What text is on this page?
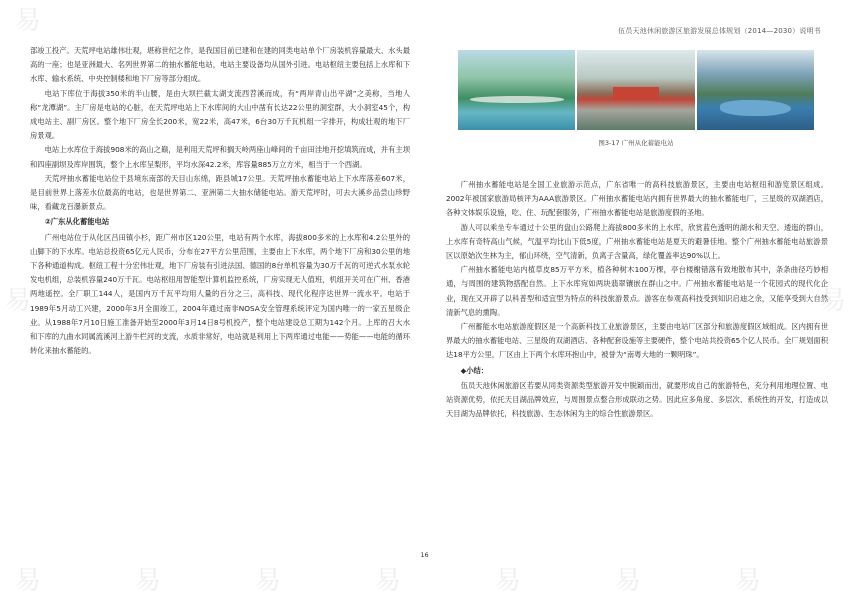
伍员天池休闲旅游区旅游发展总体规划（2014—2030）说明书

部竣工投产。天荒坪电站雄伟壮观，堪称世纪之作，是我国目前已建和在建的同类电站单个厂房装机容量最大、水头最高的一座；也是亚洲最大、名列世界第二的抽水蓄能电站，电站主要设备均从国外引进。电站枢纽主要包括上水库和下水库、输水系统、中央控制楼和地下厂房等部分组成。

电站下库位于海拔350米的半山腰，是由大坝拦截太湖支流西苕溪而成，有“两岸青山出平湖”之美称，当地人称“龙潭湖”。主厂房是电站的心脏，在天荒坪电站上下水库间的大山中凿有长达22公里的洞室群，大小洞室45个，构成电站主、副厂房区。整个地下厂房全长200米，宽22米，高47米，6台30万千瓦机组一字排开，构成壮观的地下厂房景观。

电站上水库位于海拔908米的高山之巅，是利用天荒坪和搁天岭两座山峰间的千亩田洼地开挖填筑而成，并有主坝和四座副坝及库岸围筑，整个上水库呈梨形，平均水深42.2米，库容量885万立方米，相当于一个西湖。

天荒坪抽水蓄能电站位于县境东南部的天目山东绵，距县城17公里。天荒坪抽水蓄能电站上下水库落差607米，是目前世界上落差水位最高的电站，也是世界第二、亚洲第二大抽水储能电站。游天荒坪时，可去大溪乡品尝山珍野味，看藏龙百瀑新景点。

②广东从化蓄能电站

广州电站位于从化区吕田镇小杉，距广州市区120公里，电站有两个水库，海拔800多米的上水库和4.2公里外的山脚下的下水库。电站总投资65亿元人民币，分布在27平方公里范围，主要由上下水库，两个地下厂房和30公里的地下各种通道构成。枢纽工程十分宏伟壮观，地下厂房装有引进法国、德国的8台单机容量为30万千瓦的可逆式水泵水轮发电机组，总装机容量240万千瓦。电站枢纽用智能型计算机监控系统，厂房实现无人值班，机组开关可在广州、香港两地遥控。全厂职工144人，是国内万千瓦平均用人量的百分之三，高科技、现代化程序达世界一流水平。电站于1989年5月动工兴建，2000年3月全面竣工，2004年通过南非NOSA安全管理系统评定为国内唯一的一家五星级企业。从1988年7月10日施工准备开始至2000年3月14日8号机投产，整个电站建设总工期为142个月。上库的召大水和下库的九曲水同属流溪河上游牛栏河的支流，水质非常好，电站就是利用上下两库通过电能——势能——电能的循环转化来抽水蓄能的。

图3-17 广州从化蓄能电站

广州抽水蓄能电站是全国工业旅游示范点，广东省唯一的高科技旅游景区，主要由电站枢纽和游览景区组成。2002年被国家旅游局核评为AAA旅游景区。广州抽水蓄能电站内拥有世界最大的抽水蓄能电厂，三星级的双湖酒店，各种文体娱乐设施，吃、住、玩配套服务，广州抽水蓄能电站是旅游度假的圣地。

游人可以乘坐专车通过十公里的盘山公路爬上海拔800多米的上水库，欣赏蓝色透明的湖水和天空、逶迤的群山，上水库有奇特高山气候，气温平均比山下低5度，广州抽水蓄能电站是夏天的避暑佳地。整个广州抽水蓄能电站旅游景区以原始次生林为主，郁山环绕，空气清新，负离子含量高，绿化覆盖率达90%以上。

广州抽水蓄能电站内植草皮85万平方米，植各种树木100万棵，亭台楼榭错落有致地散布其中，条条曲径巧妙相通，与周围的建筑物搭配自然。上下水库宛如两块翡翠镶嵌在群山之中。广州抽水蓄能电站是一个花园式的现代化企业，现在又开辟了以科普型和适宜型为特点的科技旅游景点。游客在参观高科技受到知识启迪之余，又能享受到大自然清新气息的熏陶。

广州蓄能水电站旅游度假区是一个高新科技工业旅游景区，主要由电站厂区部分和旅游度假区域组成。区内拥有世界最大的抽水蓄能电站、三星级的双湖酒店、各种配套设施等主要硬件，整个电站共投资65个亿人民币。全厂规划面积达18平方公里，厂区由上下两个水库环抱山中，被誉为“南粤大地的一颗明珠”。

◆小结：

伍员天池休闲旅游区若要从同类资源类型旅游开发中脱颖而出，就要形成自己的旅游特色，充分利用地理位置、电站资源优势，依托天目湖品牌效应，与周围景点整合形成联动之势。因此应多角度、多层次、系统性的开发，打造成以天目湖为品牌依托，科技旅游、生态休闲为主的综合性旅游景区。

16
易	易	易	易	易	易	易
易
易
易
